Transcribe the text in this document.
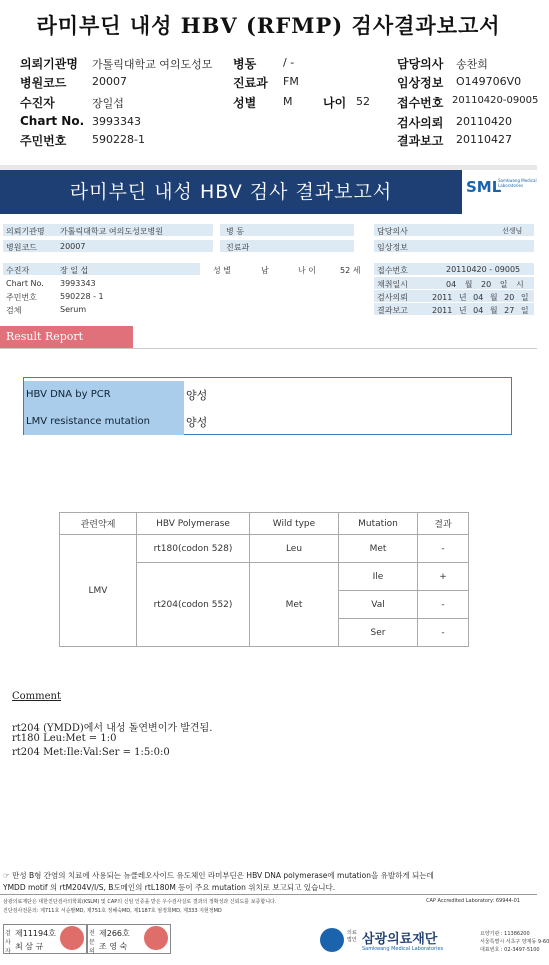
라미부딘 내성 HBV (RFMP) 검사결과보고서
의뢰기관명 가톨릭대학교 여의도성모 병동 / -	담당의사 송찬희
병원코드 20007	진료과 FM	임상정보 O149706V0
수진자	장일섭	성별 M	나이 52 접수번호 20110420-09005
Chart No. 3993343	검사의뢰 20110420
주민번호 590228-1	결과보고 20110427
라미부딘 내성 HBV 검사 결과보고서	SML
Samkwang Medical Laboratories
의뢰기관명 가톨릭대학교 여의도성모병원	병 동	담당의사	선생님
병원코드	20007	진료과	임상정보
수진자	장 일 섭	성 별	남	나 이	52 세 접수번호	20110420 - 09005
Chart No. 3993343	채취일시	04 월 20 일 시
주민번호	590228 - 1	검사의뢰	2011 년 04 월 20 일
검체	Serum	결과보고	2011 년 04 월 27 일
Result Report
HBV DNA by PCR	양성
LMV resistance mutation	양성
관련약제	HBV Polymerase	Wild type	Mutation	결과
LMV	rt180(codon 528)	Leu	Met	-
	rt204(codon 552)	Met	Ile	+
			Val	-
			Ser	-
Comment
rt204 (YMDD)에서 내성 돌연변이가 발견됨.
rt180 Leu:Met = 1:0
rt204 Met:Ile:Val:Ser = 1:5:0:0
☞ 만성 B형 간염의 치료에 사용되는 뉴클레오사이드 유도체인 라미부딘은 HBV DNA polymerase에 mutation을 유발하게 되는데
YMDD motif 의 rtM204V/I/S, B도메인의 rtL180M 등이 주요 mutation 위치로 보고되고 있습니다.
삼광의료재단은 대한진단검사의학회(KSLM) 및 CAP의 신임 인증을 받은 우수검사실로 결과의 정확성과 신뢰도를 보증합니다.	CAP Accredited Laboratory: 69944-01
진단검사전문의: 제711호 서순팔MD, 제751호 정혜숙MD, 제1187호 엄정희MD, 제333 지현정MD
검사자
제11194호
최 삼 규
전문의
제266호
조 영 숙
의료법인 삼광의료재단
Samkwang Medical Laboratories
요양기관 : 11386200
서울특별시 서초구 양재동 9-60
대표번호 : 02-3497-5100
